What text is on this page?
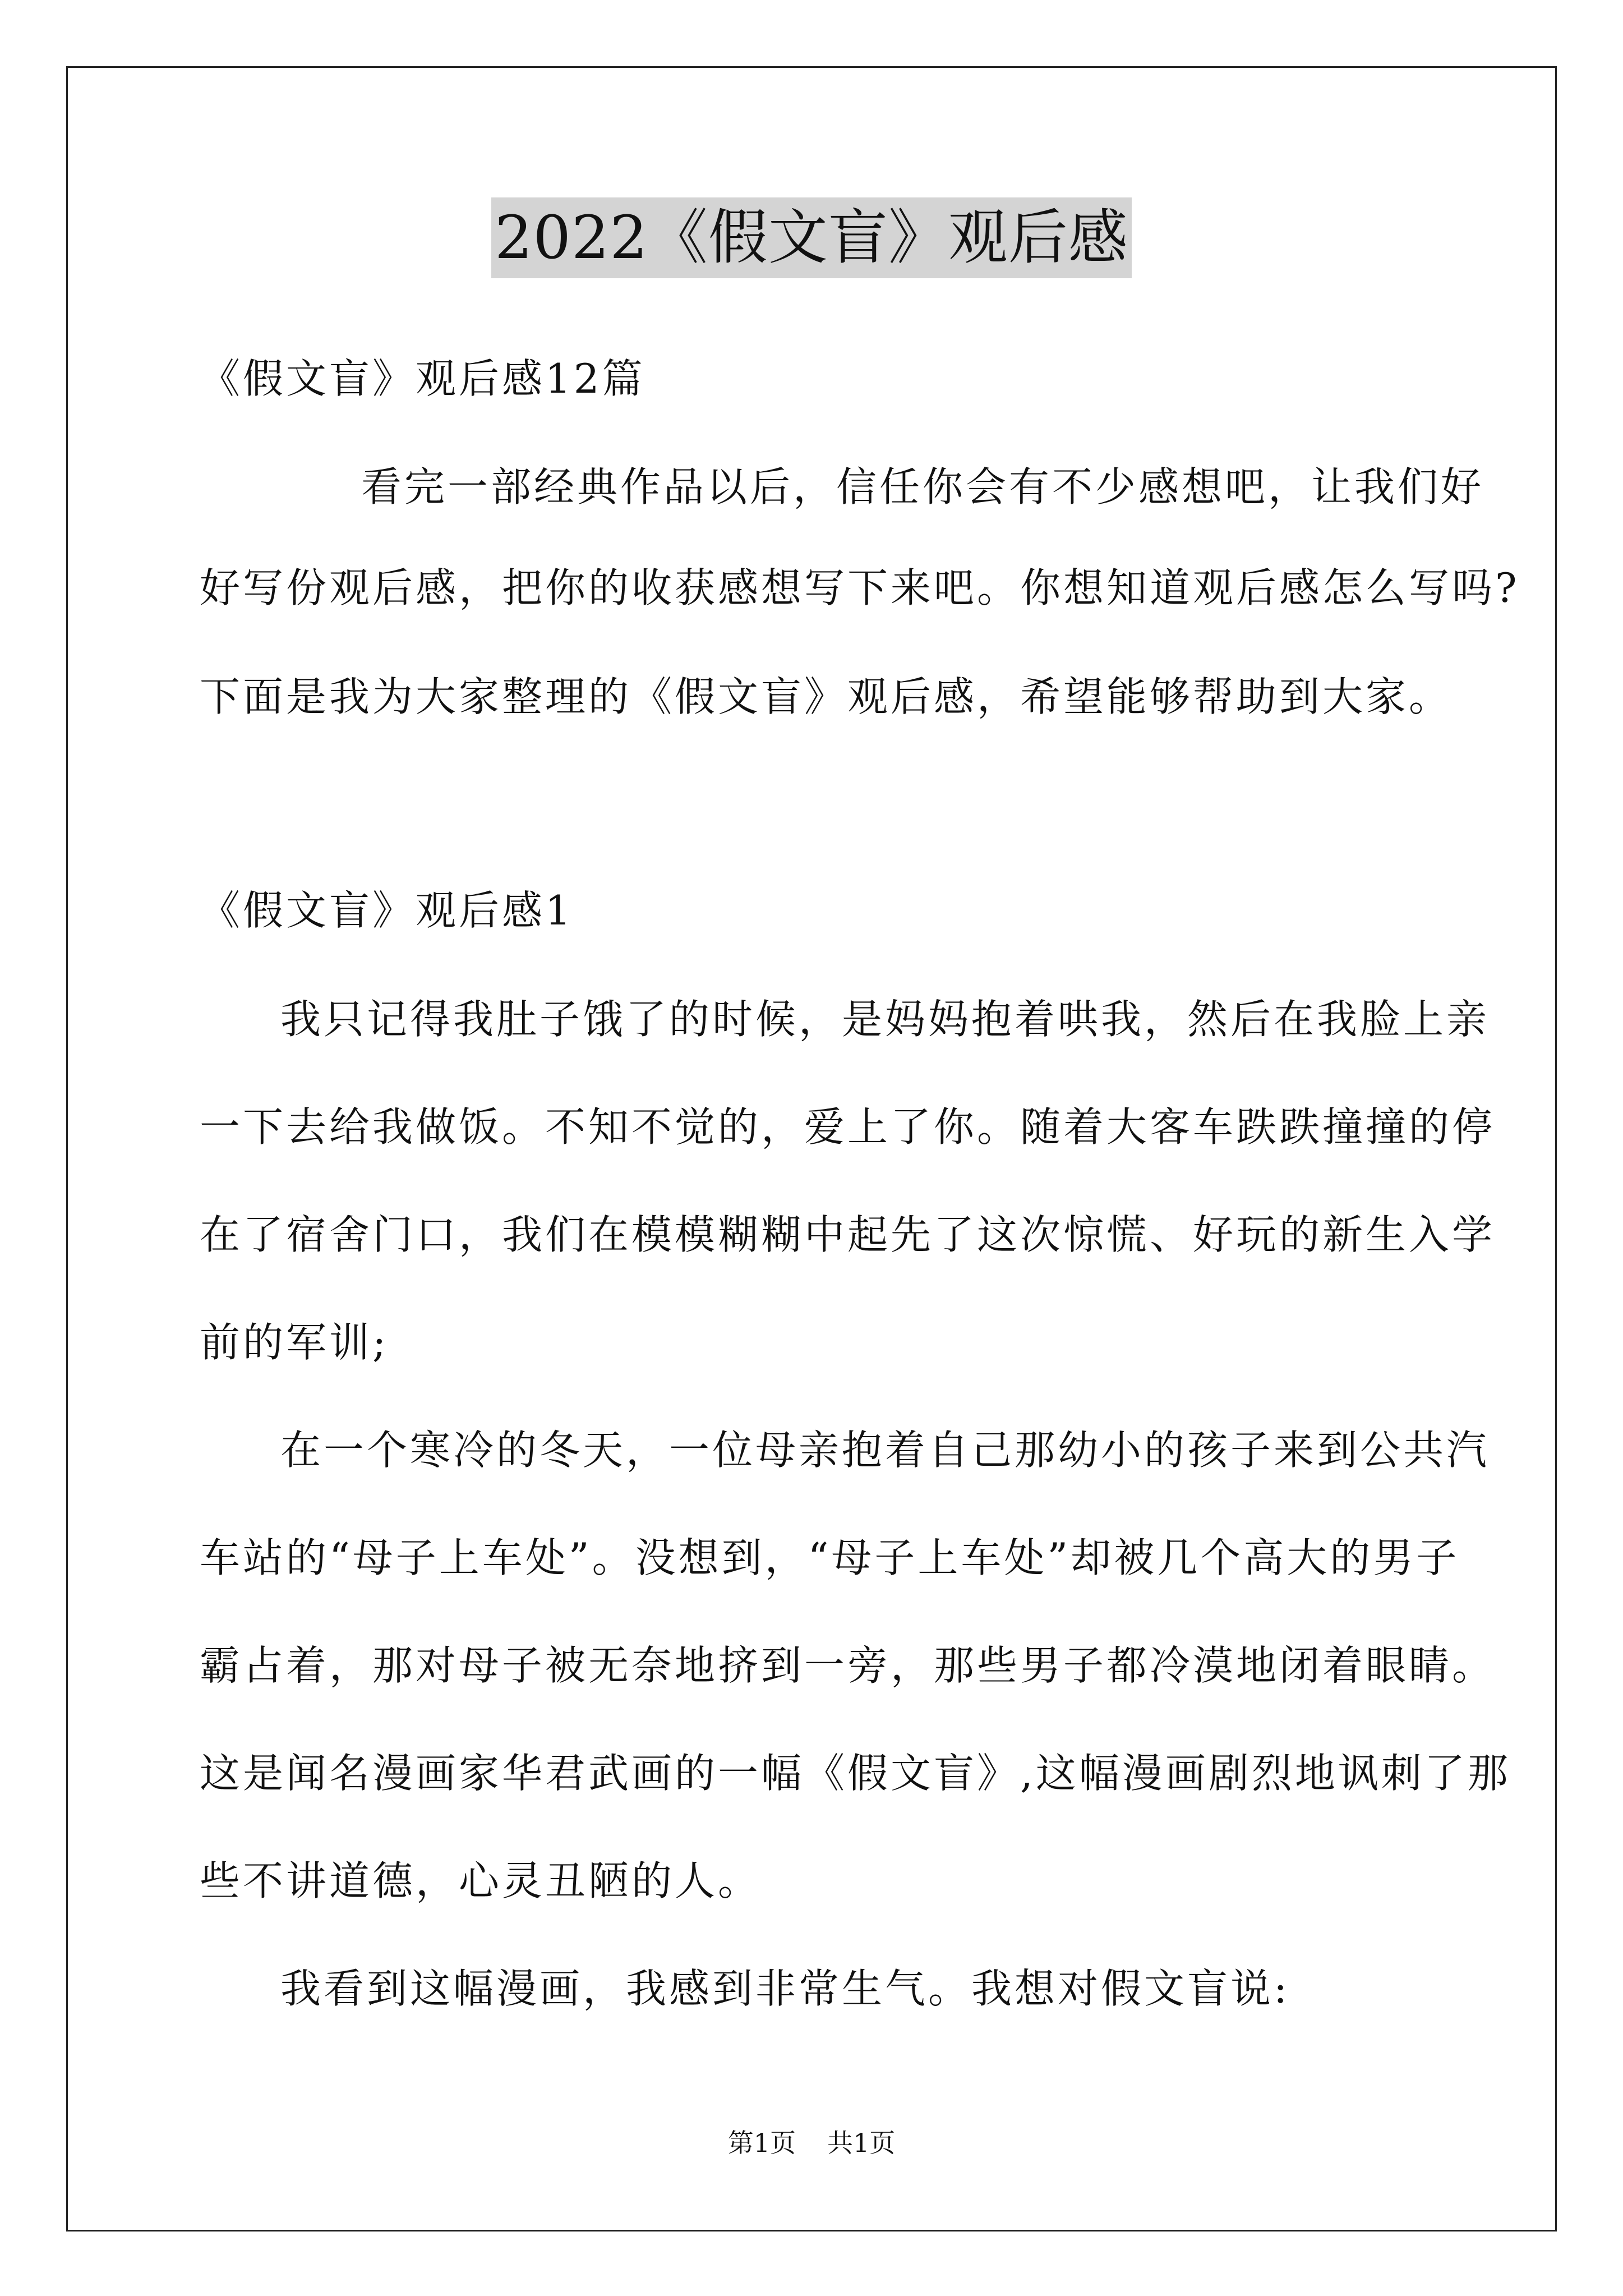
2022《假文盲》观后感
《假文盲》观后感12篇
看完一部经典作品以后，信任你会有不少感想吧，让我们好
好写份观后感，把你的收获感想写下来吧。你想知道观后感怎么写吗?
下面是我为大家整理的《假文盲》观后感，希望能够帮助到大家。
《假文盲》观后感1
我只记得我肚子饿了的时候，是妈妈抱着哄我，然后在我脸上亲
一下去给我做饭。不知不觉的，爱上了你。随着大客车跌跌撞撞的停
在了宿舍门口，我们在模模糊糊中起先了这次惊慌、好玩的新生入学
前的军训;
在一个寒冷的冬天，一位母亲抱着自己那幼小的孩子来到公共汽
车站的“母子上车处”。没想到，“母子上车处”却被几个高大的男子
霸占着，那对母子被无奈地挤到一旁，那些男子都冷漠地闭着眼睛。
这是闻名漫画家华君武画的一幅《假文盲》,这幅漫画剧烈地讽刺了那
些不讲道德，心灵丑陋的人。
我看到这幅漫画，我感到非常生气。我想对假文盲说:
第1页 共1页
